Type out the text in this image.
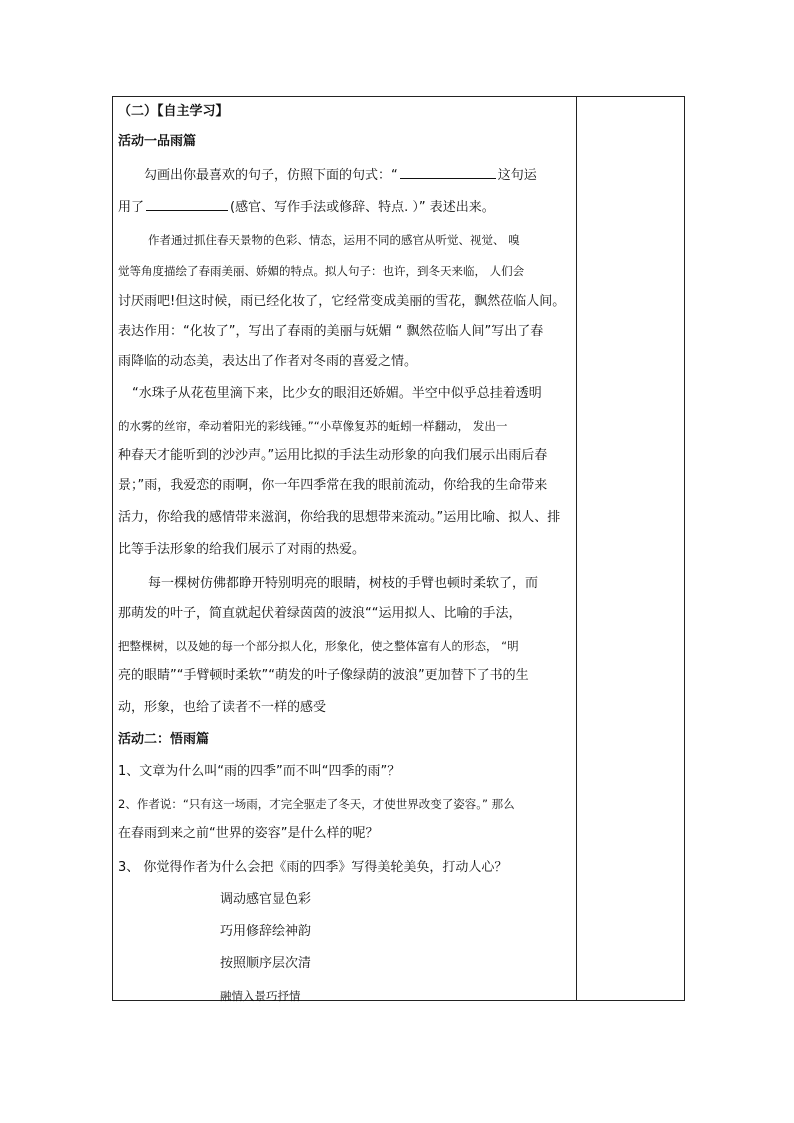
（二）【自主学习】
活动一品雨篇
勾画出你最喜欢的句子，仿照下面的句式：“	这句运
用了	(感官、写作手法或修辞、特点. ）” 表述出来。
作者通过抓住春天景物的色彩、情态，运用不同的感官从听觉、视觉、 嗅
觉等角度描绘了春雨美丽、娇媚的特点。拟人句子：也许，到冬天来临， 人们会
讨厌雨吧!但这时候，雨已经化妆了，它经常变成美丽的雪花，飘然莅临人间。
表达作用：“化妆了”，写出了春雨的美丽与妩媚 “ 飘然莅临人间”写出了春
雨降临的动态美，表达出了作者对冬雨的喜爱之情。
“水珠子从花苞里滴下来，比少女的眼泪还娇媚。半空中似乎总挂着透明
的水雾的丝帘，牵动着阳光的彩线锤。”“小草像复苏的蚯蚓一样翻动， 发出一
种春天才能听到的沙沙声。”运用比拟的手法生动形象的向我们展示出雨后春
景；”雨，我爱恋的雨啊，你一年四季常在我的眼前流动，你给我的生命带来
活力，你给我的感情带来滋润，你给我的思想带来流动。”运用比喻、拟人、排
比等手法形象的给我们展示了对雨的热爱。
每一棵树仿佛都睁开特别明亮的眼睛，树枝的手臂也顿时柔软了，而
那萌发的叶子，简直就起伏着绿茵茵的波浪““运用拟人、比喻的手法，
把整棵树，以及她的每一个部分拟人化，形象化，使之整体富有人的形态， “明
亮的眼睛”“手臂顿时柔软”“萌发的叶子像绿荫的波浪”更加替下了书的生
动，形象，也给了读者不一样的感受
活动二：悟雨篇
1、文章为什么叫“雨的四季”而不叫“四季的雨”？
2、作者说：“只有这一场雨，才完全驱走了冬天，才使世界改变了姿容。” 那么
在春雨到来之前“世界的姿容”是什么样的呢？
3、 你觉得作者为什么会把《雨的四季》写得美轮美奂，打动人心？
调动感官显色彩
巧用修辞绘神韵
按照顺序层次清
融情入景巧抒情
